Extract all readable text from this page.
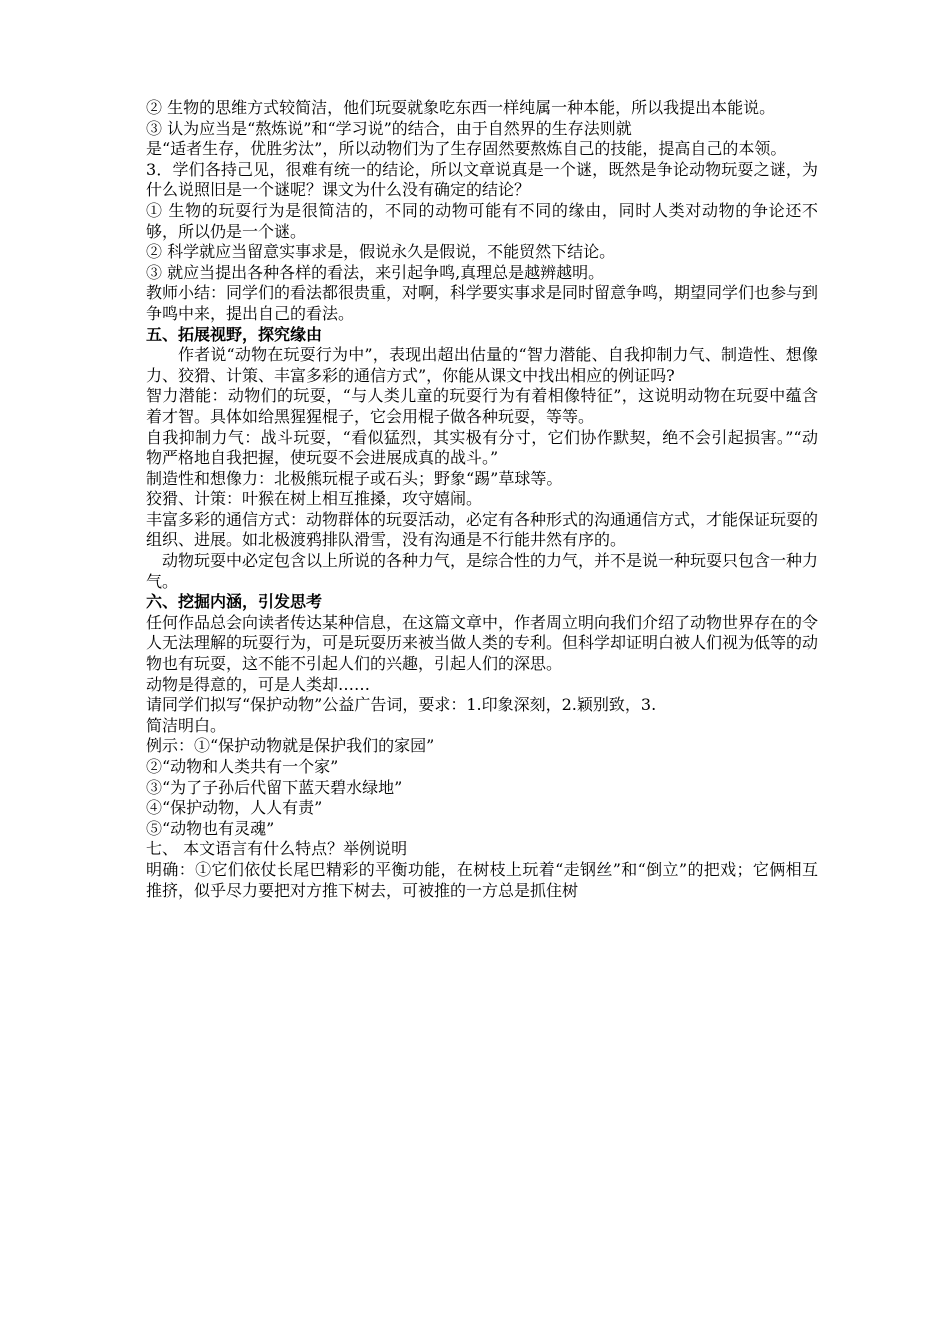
② 生物的思维方式较简洁，他们玩耍就象吃东西一样纯属一种本能，所以我提出本能说。

③ 认为应当是“熬炼说”和“学习说”的结合，由于自然界的生存法则就

是“适者生存，优胜劣汰”，所以动物们为了生存固然要熬炼自己的技能，提高自己的本领。

3．学们各持己见，很难有统一的结论，所以文章说真是一个谜，既然是争论动物玩耍之谜，为什么说照旧是一个谜呢？课文为什么没有确定的结论？

① 生物的玩耍行为是很简洁的，不同的动物可能有不同的缘由，同时人类对动物的争论还不够，所以仍是一个谜。

② 科学就应当留意实事求是，假说永久是假说，不能贸然下结论。

③ 就应当提出各种各样的看法，来引起争鸣,真理总是越辨越明。

教师小结：同学们的看法都很贵重，对啊，科学要实事求是同时留意争鸣，期望同学们也参与到争鸣中来，提出自己的看法。

五、拓展视野，探究缘由

作者说“动物在玩耍行为中”，表现出超出估量的“智力潜能、自我抑制力气、制造性、想像力、狡猾、计策、丰富多彩的通信方式”，你能从课文中找出相应的例证吗?

智力潜能：动物们的玩耍，“与人类儿童的玩耍行为有着相像特征”，这说明动物在玩耍中蕴含着才智。具体如给黑猩猩棍子，它会用棍子做各种玩耍，等等。

自我抑制力气：战斗玩耍，“看似猛烈，其实极有分寸，它们协作默契，绝不会引起损害。”“动物严格地自我把握，使玩耍不会进展成真的战斗。”

制造性和想像力：北极熊玩棍子或石头；野象“踢”草球等。

狡猾、计策：叶猴在树上相互推搡，攻守嬉闹。

丰富多彩的通信方式：动物群体的玩耍活动，必定有各种形式的沟通通信方式，才能保证玩耍的组织、进展。如北极渡鸦排队滑雪，没有沟通是不行能井然有序的。

动物玩耍中必定包含以上所说的各种力气，是综合性的力气，并不是说一种玩耍只包含一种力气。

六、挖掘内涵，引发思考

任何作品总会向读者传达某种信息，在这篇文章中，作者周立明向我们介绍了动物世界存在的令人无法理解的玩耍行为，可是玩耍历来被当做人类的专利。但科学却证明白被人们视为低等的动物也有玩耍，这不能不引起人们的兴趣，引起人们的深思。

动物是得意的，可是人类却……

请同学们拟写“保护动物”公益广告词，要求：1.印象深刻，2.颖别致，3.

简洁明白。

例示：①“保护动物就是保护我们的家园”

②“动物和人类共有一个家”

③“为了子孙后代留下蓝天碧水绿地”

④“保护动物，人人有责”

⑤“动物也有灵魂”

七、 本文语言有什么特点？举例说明

明确：①它们依仗长尾巴精彩的平衡功能，在树枝上玩着“走钢丝”和“倒立”的把戏；它俩相互推挤，似乎尽力要把对方推下树去，可被推的一方总是抓住树
